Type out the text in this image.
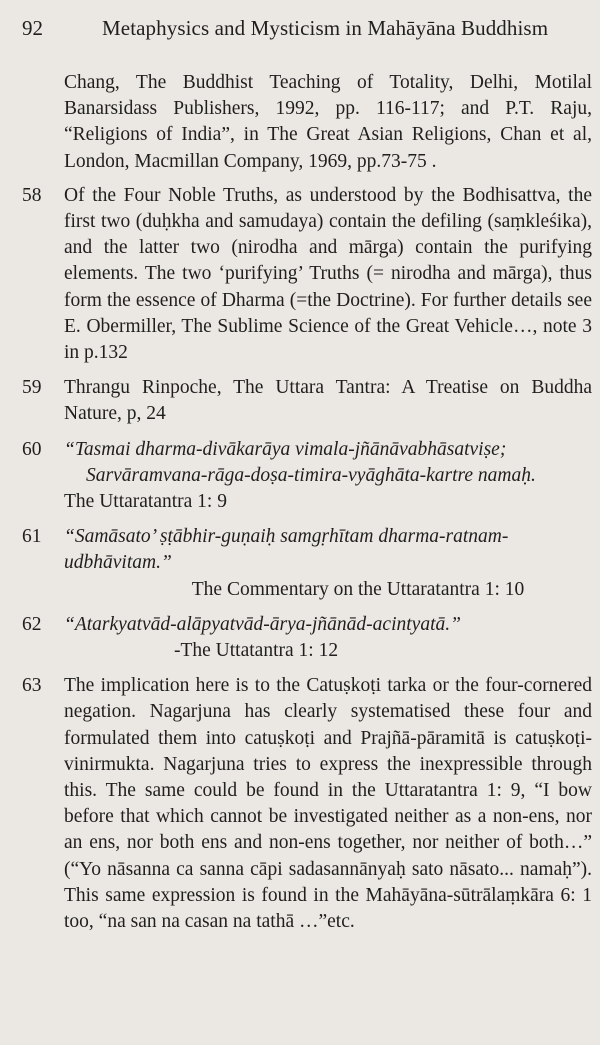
92	Metaphysics and Mysticism in Mahāyāna Buddhism
Chang, The Buddhist Teaching of Totality, Delhi, Motilal Banarsidass Publishers, 1992, pp. 116-117; and P.T. Raju, “Religions of India”, in The Great Asian Religions, Chan et al, London, Macmillan Company, 1969, pp.73-75 .
58 Of the Four Noble Truths, as understood by the Bodhisattva, the first two (duḥkha and samudaya) contain the defiling (saṃkleśika), and the latter two (nirodha and mārga) contain the purifying elements. The two ‘purifying’ Truths (= nirodha and mārga), thus form the essence of Dharma (=the Doctrine). For further details see E. Obermiller, The Sublime Science of the Great Vehicle…, note 3 in p.132
59 Thrangu Rinpoche, The Uttara Tantra: A Treatise on Buddha Nature, p, 24
60 “Tasmai dharma-divākarāya vimala-jñānāvabhāsatviṣe;
Sarvāramvana-rāga-doṣa-timira-vyāghāta-kartre namaḥ.
The Uttaratantra 1: 9
61 “Samāsato’ ṣṭābhir-guṇaiḥ samgṛhītam dharma-ratnam-udbhāvitam.”
The Commentary on the Uttaratantra 1: 10
62 “Atarkyatvād-alāpyatvād-ārya-jñānād-acintyatā.”
-The Uttatantra 1: 12
63 The implication here is to the Catuṣkoṭi tarka or the four-cornered negation. Nagarjuna has clearly systematised these four and formulated them into catuṣkoṭi and Prajñā-pāramitā is catuṣkoṭi-vinirmukta. Nagarjuna tries to express the inexpressible through this. The same could be found in the Uttaratantra 1: 9, “I bow before that which cannot be investigated neither as a non-ens, nor an ens, nor both ens and non-ens together, nor neither of both…” (“Yo nāsanna ca sanna cāpi sadasannānyaḥ sato nāsato... namaḥ”). This same expression is found in the Mahāyāna-sūtrālaṃkāra 6: 1 too, “na san na casan na tathā …”etc.
